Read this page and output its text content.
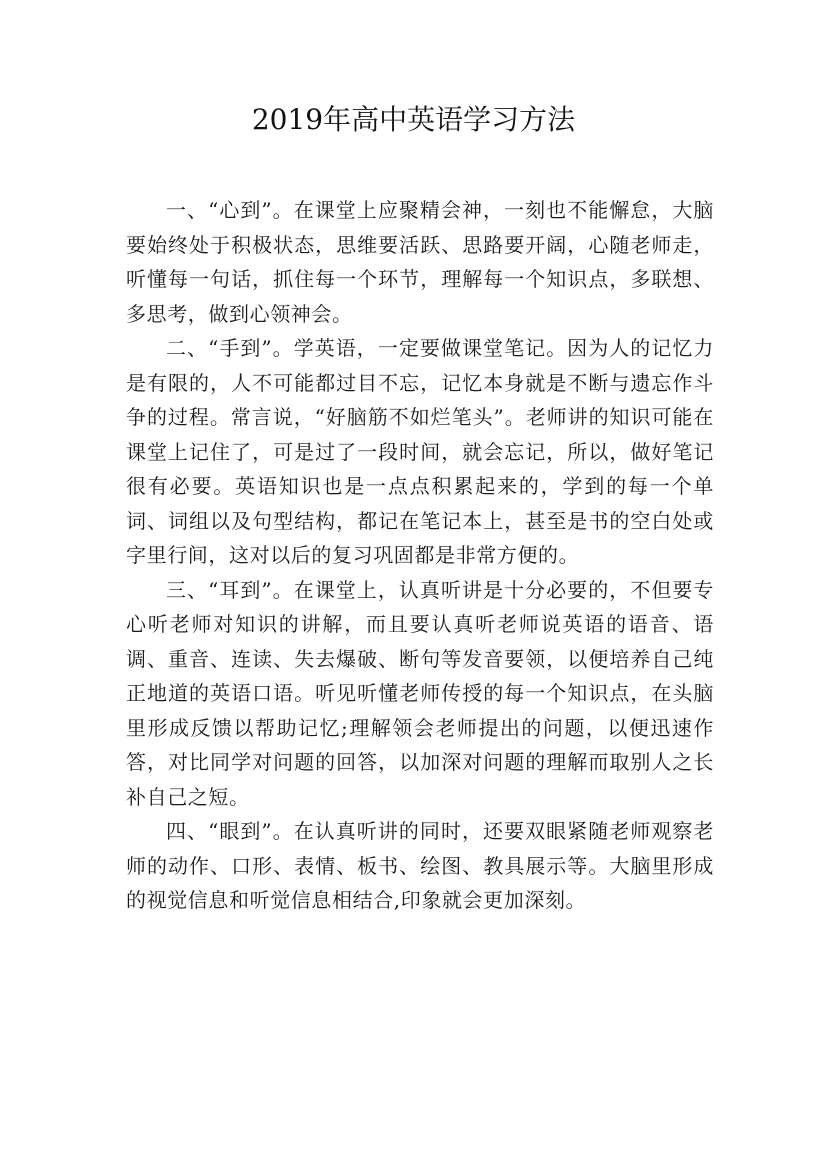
2019年高中英语学习方法

一、“心到”。在课堂上应聚精会神，一刻也不能懈怠，大脑要始终处于积极状态，思维要活跃、思路要开阔，心随老师走，听懂每一句话，抓住每一个环节，理解每一个知识点，多联想、多思考，做到心领神会。

二、“手到”。学英语，一定要做课堂笔记。因为人的记忆力是有限的，人不可能都过目不忘，记忆本身就是不断与遗忘作斗争的过程。常言说，“好脑筋不如烂笔头”。老师讲的知识可能在课堂上记住了，可是过了一段时间，就会忘记，所以，做好笔记很有必要。英语知识也是一点点积累起来的，学到的每一个单词、词组以及句型结构，都记在笔记本上，甚至是书的空白处或字里行间，这对以后的复习巩固都是非常方便的。

三、“耳到”。在课堂上，认真听讲是十分必要的，不但要专心听老师对知识的讲解，而且要认真听老师说英语的语音、语调、重音、连读、失去爆破、断句等发音要领，以便培养自己纯正地道的英语口语。听见听懂老师传授的每一个知识点，在头脑里形成反馈以帮助记忆;理解领会老师提出的问题，以便迅速作答，对比同学对问题的回答，以加深对问题的理解而取别人之长补自己之短。

四、“眼到”。在认真听讲的同时，还要双眼紧随老师观察老师的动作、口形、表情、板书、绘图、教具展示等。大脑里形成的视觉信息和听觉信息相结合,印象就会更加深刻。
